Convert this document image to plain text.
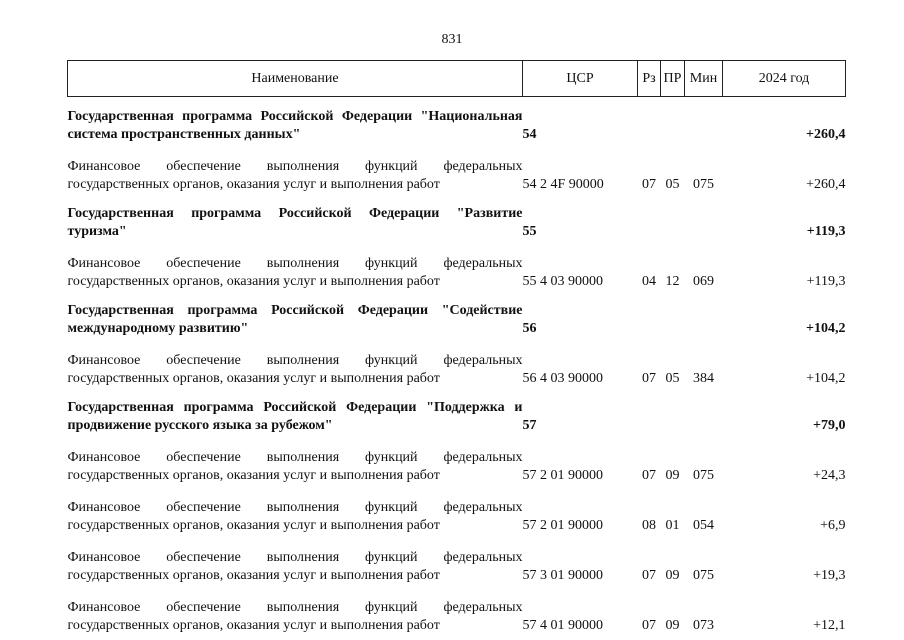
831
Наименование	ЦСР	Рз	ПР	Мин	2024 год
Государственная программа Российской Федерации "Национальная система пространственных данных"	54				+260,4
Финансовое обеспечение выполнения функций федеральных государственных органов, оказания услуг и выполнения работ	54 2 4F 90000	07	05	075	+260,4
Государственная программа Российской Федерации "Развитие туризма"	55				+119,3
Финансовое обеспечение выполнения функций федеральных государственных органов, оказания услуг и выполнения работ	55 4 03 90000	04	12	069	+119,3
Государственная программа Российской Федерации "Содействие международному развитию"	56				+104,2
Финансовое обеспечение выполнения функций федеральных государственных органов, оказания услуг и выполнения работ	56 4 03 90000	07	05	384	+104,2
Государственная программа Российской Федерации "Поддержка и продвижение русского языка за рубежом"	57				+79,0
Финансовое обеспечение выполнения функций федеральных государственных органов, оказания услуг и выполнения работ	57 2 01 90000	07	09	075	+24,3
Финансовое обеспечение выполнения функций федеральных государственных органов, оказания услуг и выполнения работ	57 2 01 90000	08	01	054	+6,9
Финансовое обеспечение выполнения функций федеральных государственных органов, оказания услуг и выполнения работ	57 3 01 90000	07	09	075	+19,3
Финансовое обеспечение выполнения функций федеральных государственных органов, оказания услуг и выполнения работ	57 4 01 90000	07	09	073	+12,1
